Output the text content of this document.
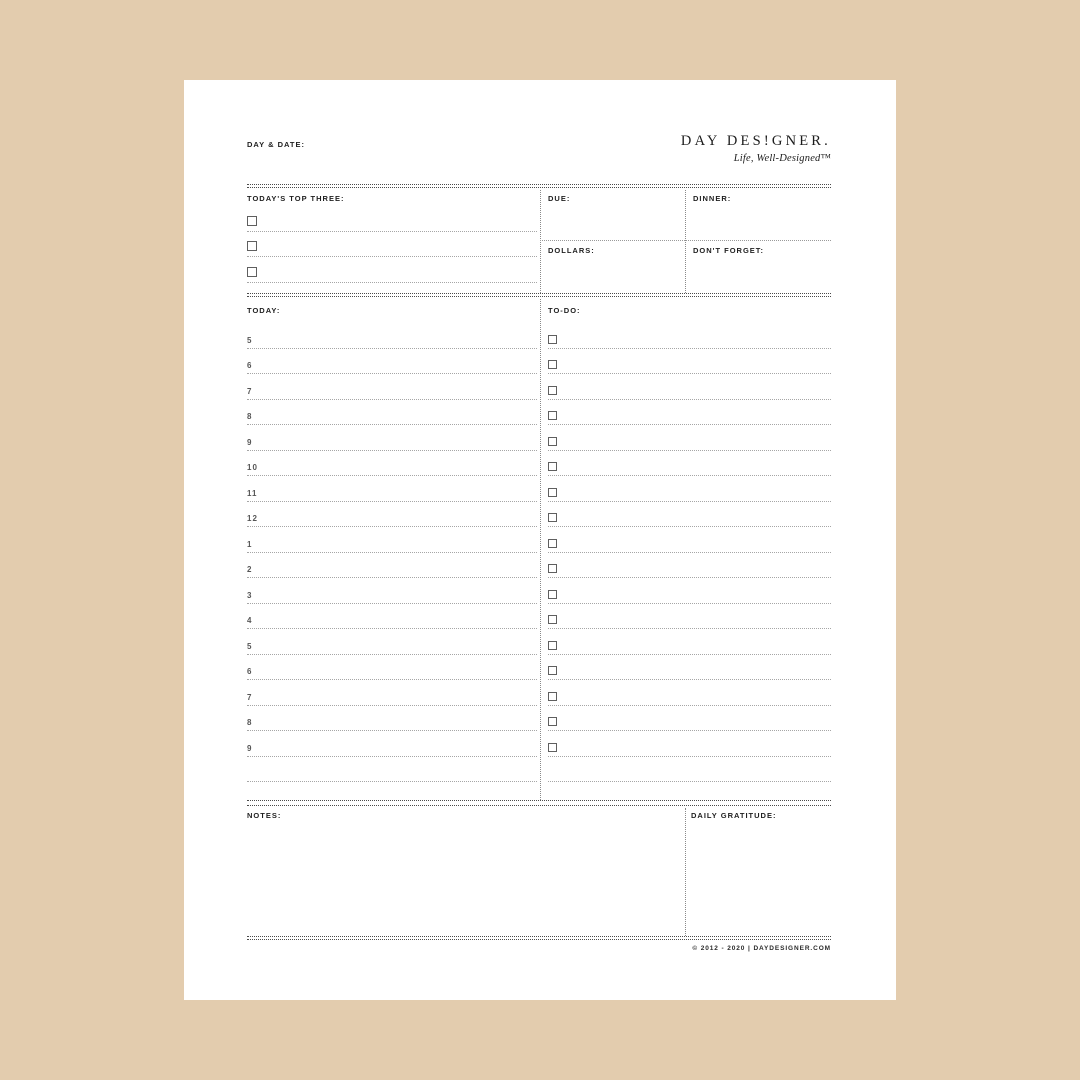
DAY & DATE:	DAY DES!GNER.
Life, Well-Designed™
TODAY'S TOP THREE:	DUE:	DINNER:
DOLLARS:	DON'T FORGET:
TODAY:	TO-DO:
5
6
7
8
9
10
11
12
1
2
3
4
5
6
7
8
9
NOTES:	DAILY GRATITUDE:
© 2012 - 2020 | DAYDESIGNER.COM
